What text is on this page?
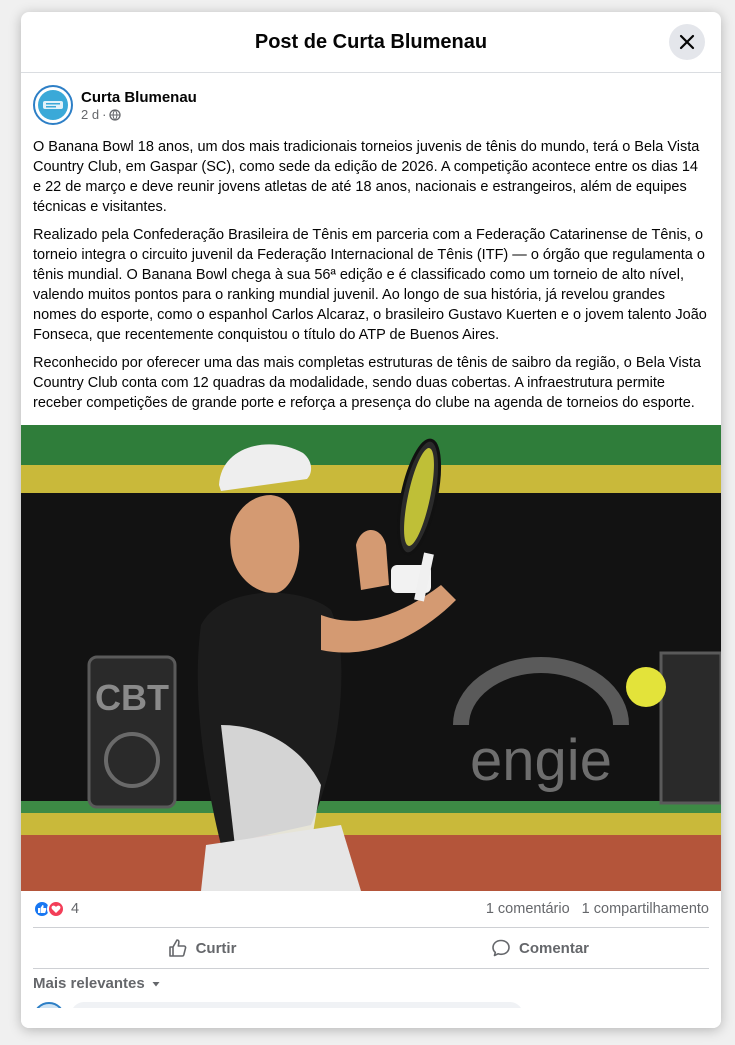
Post de Curta Blumenau
Curta Blumenau
2 d ·

O Banana Bowl 18 anos, um dos mais tradicionais torneios juvenis de tênis do mundo, terá o Bela Vista Country Club, em Gaspar (SC), como sede da edição de 2026. A competição acontece entre os dias 14 e 22 de março e deve reunir jovens atletas de até 18 anos, nacionais e estrangeiros, além de equipes técnicas e visitantes.

Realizado pela Confederação Brasileira de Tênis em parceria com a Federação Catarinense de Tênis, o torneio integra o circuito juvenil da Federação Internacional de Tênis (ITF) — o órgão que regulamenta o tênis mundial. O Banana Bowl chega à sua 56ª edição e é classificado como um torneio de alto nível, valendo muitos pontos para o ranking mundial juvenil. Ao longo de sua história, já revelou grandes nomes do esporte, como o espanhol Carlos Alcaraz, o brasileiro Gustavo Kuerten e o jovem talento João Fonseca, que recentemente conquistou o título do ATP de Buenos Aires.

Reconhecido por oferecer uma das mais completas estruturas de tênis de saibro da região, o Bela Vista Country Club conta com 12 quadras da modalidade, sendo duas cobertas. A infraestrutura permite receber competições de grande porte e reforça a presença do clube na agenda de torneios do esporte.

CBT
engie
4	1 comentário 1 compartilhamento
Curtir	Comentar
Mais relevantes
